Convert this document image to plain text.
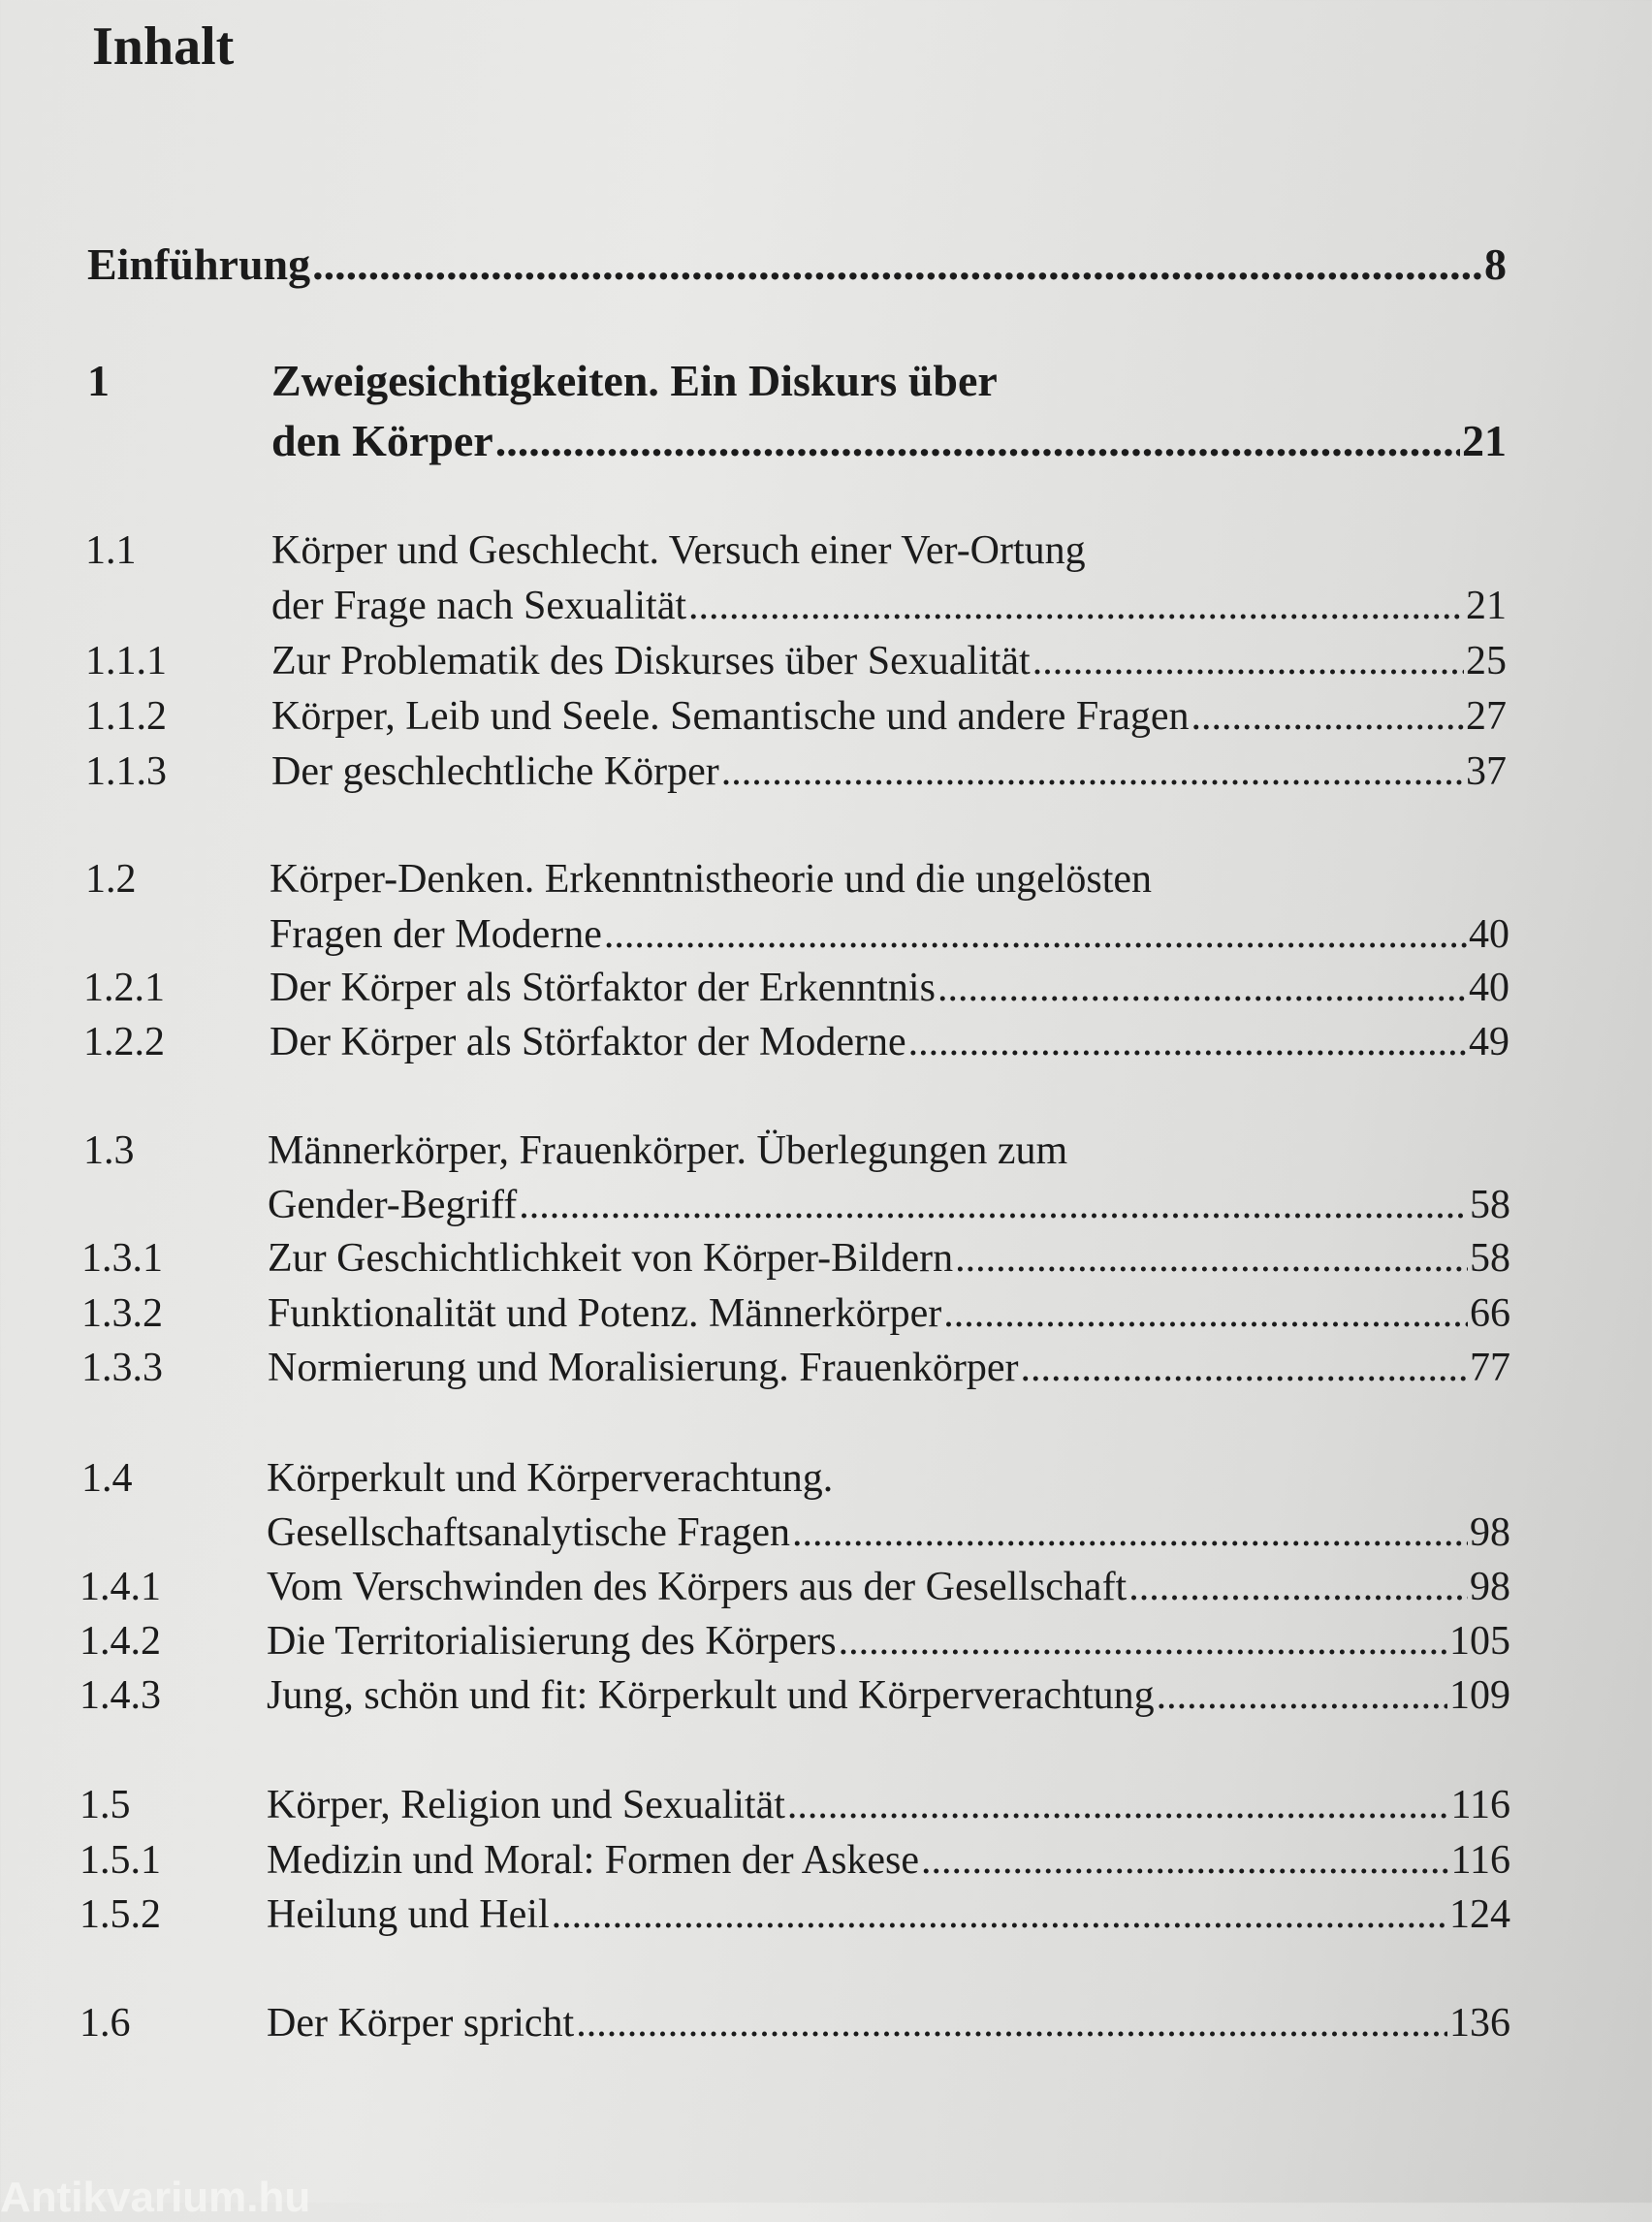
Inhalt
Einführung .....	8
1	Zweigesichtigkeiten. Ein Diskurs über
den Körper .....	21
1.1	Körper und Geschlecht. Versuch einer Ver-Ortung
der Frage nach Sexualität .....	21
1.1.1	Zur Problematik des Diskurses über Sexualität .....	25
1.1.2	Körper, Leib und Seele. Semantische und andere Fragen .....	27
1.1.3	Der geschlechtliche Körper .....	37
1.2	Körper-Denken. Erkenntnistheorie und die ungelösten
Fragen der Moderne .....	40
1.2.1	Der Körper als Störfaktor der Erkenntnis .....	40
1.2.2	Der Körper als Störfaktor der Moderne .....	49
1.3	Männerkörper, Frauenkörper. Überlegungen zum
Gender-Begriff .....	58
1.3.1	Zur Geschichtlichkeit von Körper-Bildern .....	58
1.3.2	Funktionalität und Potenz. Männerkörper .....	66
1.3.3	Normierung und Moralisierung. Frauenkörper .....	77
1.4	Körperkult und Körperverachtung.
Gesellschaftsanalytische Fragen .....	98
1.4.1	Vom Verschwinden des Körpers aus der Gesellschaft .....	98
1.4.2	Die Territorialisierung des Körpers .....	105
1.4.3	Jung, schön und fit: Körperkult und Körperverachtung .....	109
1.5	Körper, Religion und Sexualität .....	116
1.5.1	Medizin und Moral: Formen der Askese .....	116
1.5.2	Heilung und Heil .....	124
1.6	Der Körper spricht .....	136
Antikvarium.hu
